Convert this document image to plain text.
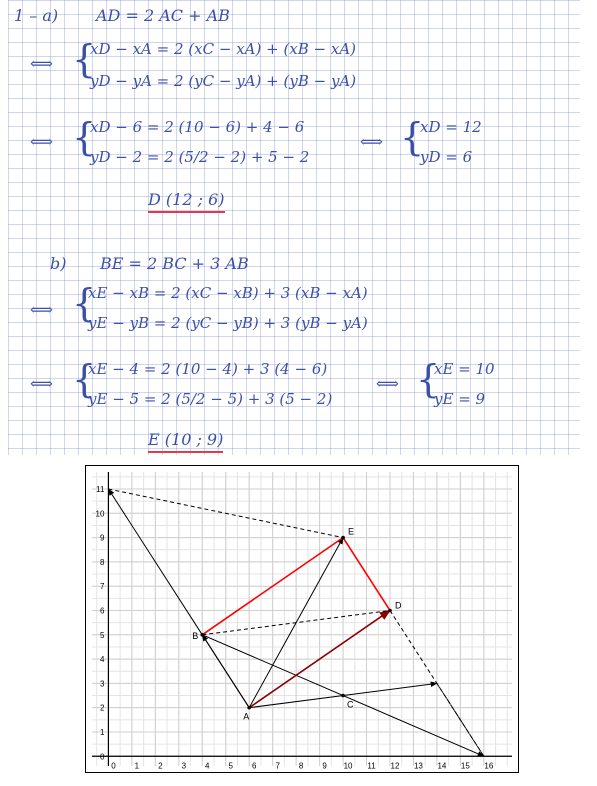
1 – a) AD = 2 AC + AB
⟺ {
xD − xA = 2 (xC − xA) + (xB − xA)
yD − yA = 2 (yC − yA) + (yB − yA)
⟺ {
xD − 6 = 2 (10 − 6) + 4 − 6
yD − 2 = 2 (5/2 − 2) + 5 − 2
⟺ {
xD = 12
yD = 6
D (12 ; 6)
b) BE = 2 BC + 3 AB
⟺ {
xE − xB = 2 (xC − xB) + 3 (xB − xA)
yE − yB = 2 (yC − yB) + 3 (yB − yA)
⟺ {
xE − 4 = 2 (10 − 4) + 3 (4 − 6)
yE − 5 = 2 (5/2 − 5) + 3 (5 − 2)
⟺ {
xE = 10
yE = 9
E (10 ; 9)
0 1 2 3 4 5 6 7 8 9 10 11 12 13 14 15 16
0
1
2
3
4
5
6
7
8
9
10
11
A
B
C
D
E
